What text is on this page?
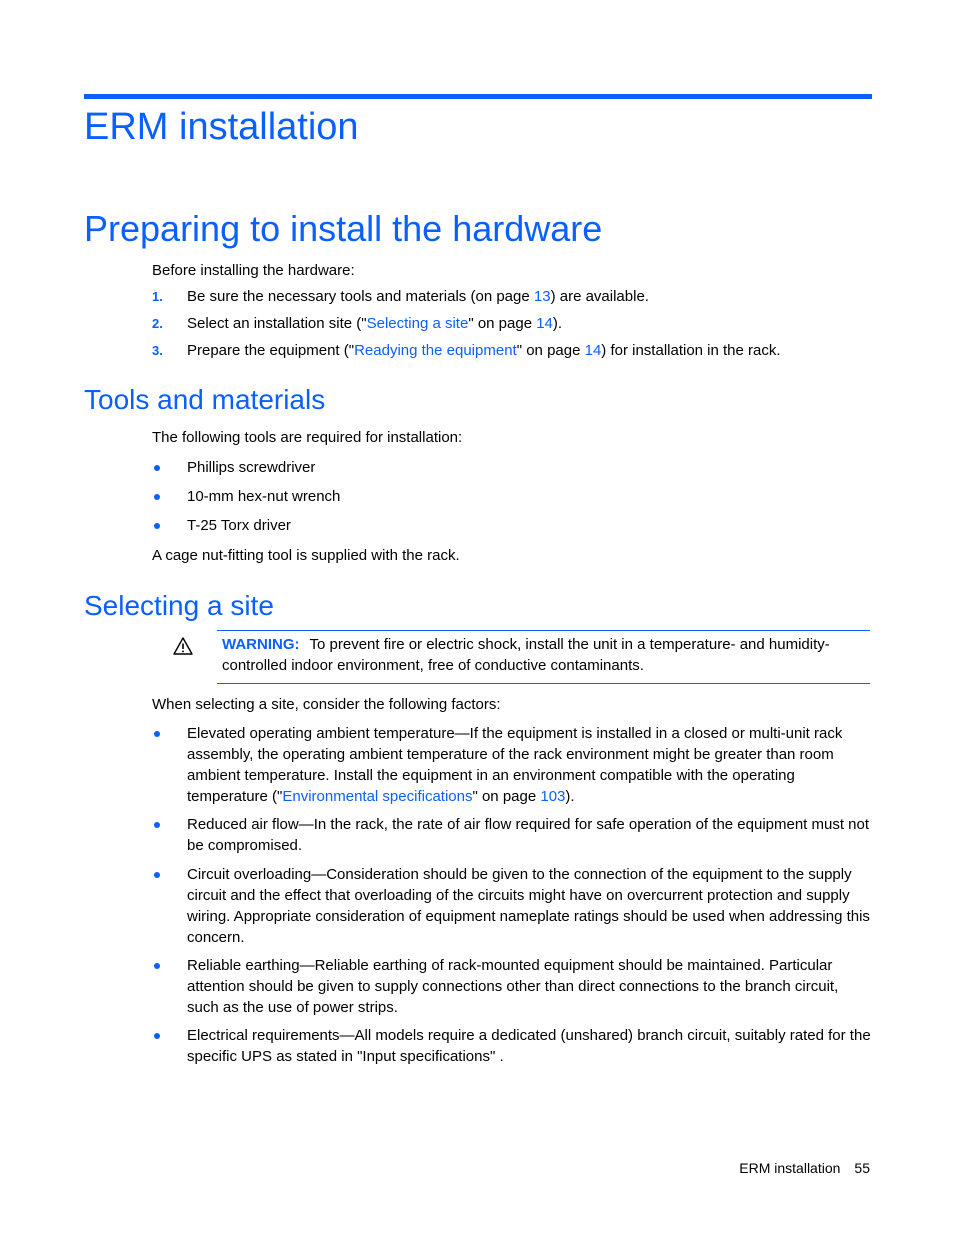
ERM installation
Preparing to install the hardware

Before installing the hardware:

1. Be sure the necessary tools and materials (on page 13) are available.
2. Select an installation site ("Selecting a site" on page 14).
3. Prepare the equipment ("Readying the equipment" on page 14) for installation in the rack.
Tools and materials

The following tools are required for installation:

Phillips screwdriver
10-mm hex-nut wrench
T-25 Torx driver

A cage nut-fitting tool is supplied with the rack.

Selecting a site
WARNING: To prevent fire or electric shock, install the unit in a temperature- and humidity-controlled indoor environment, free of conductive contaminants.

When selecting a site, consider the following factors:

Elevated operating ambient temperature—If the equipment is installed in a closed or multi-unit rack assembly, the operating ambient temperature of the rack environment might be greater than room ambient temperature. Install the equipment in an environment compatible with the operating temperature ("Environmental specifications" on page 103).
Reduced air flow—In the rack, the rate of air flow required for safe operation of the equipment must not be compromised.
Circuit overloading—Consideration should be given to the connection of the equipment to the supply circuit and the effect that overloading of the circuits might have on overcurrent protection and supply wiring. Appropriate consideration of equipment nameplate ratings should be used when addressing this concern.
Reliable earthing—Reliable earthing of rack-mounted equipment should be maintained. Particular attention should be given to supply connections other than direct connections to the branch circuit, such as the use of power strips.
Electrical requirements—All models require a dedicated (unshared) branch circuit, suitably rated for the specific UPS as stated in "Input specifications" .
ERM installation 55
